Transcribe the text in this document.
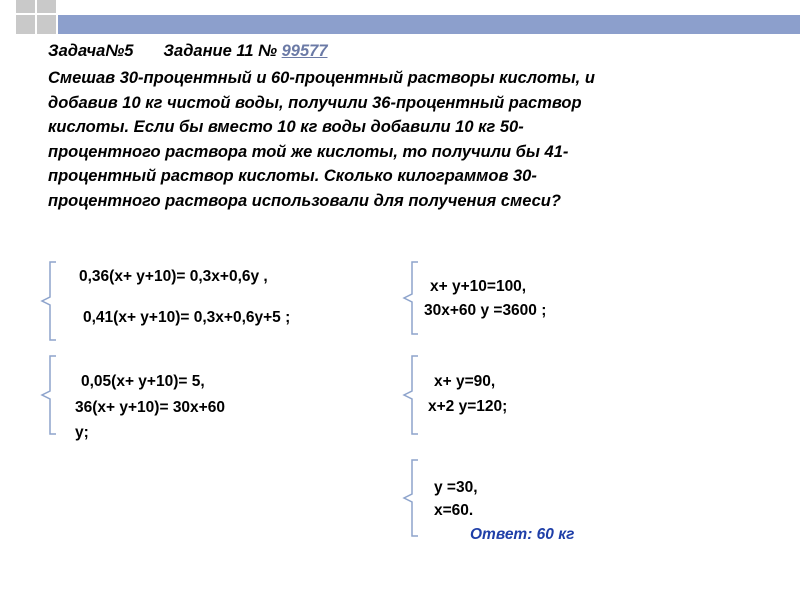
Задача№5 Задание 11 № 99577
Смешав 30-процентный и 60-процентный растворы кислоты, и
добавив 10 кг чистой воды, получили 36-процентный раствор
кислоты. Если бы вместо 10 кг воды добавили 10 кг 50-
процентного раствора той же кислоты, то получили бы 41-
процентный раствор кислоты. Сколько килограммов 30-
процентного раствора использовали для получения смеси?
0,36(x+ y+10)= 0,3x+0,6y ,
0,41(x+ y+10)= 0,3x+0,6y+5 ;
x+ y+10=100,
30x+60 y =3600 ;
0,05(x+ y+10)= 5,
36(x+ y+10)= 30x+60
y;
x+ y=90,
x+2 y=120;
y =30,
x=60.
Ответ: 60 кг
